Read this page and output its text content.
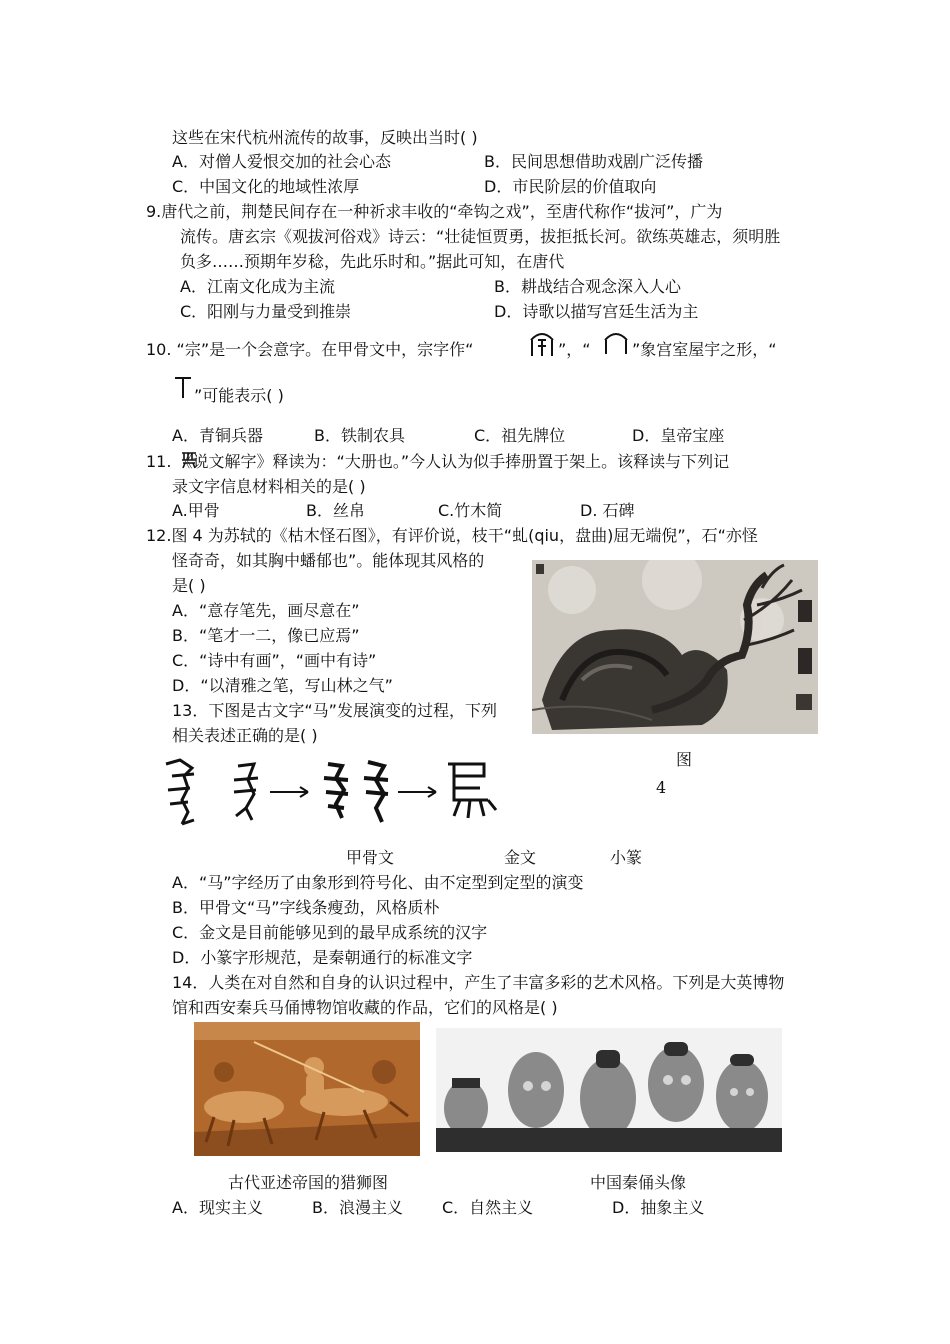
这些在宋代杭州流传的故事，反映出当时( )
A．对僧人爱恨交加的社会心态	B．民间思想借助戏剧广泛传播
C．中国文化的地域性浓厚	D．市民阶层的价值取向
9.唐代之前，荆楚民间存在一种祈求丰收的“牵钩之戏”，至唐代称作“拔河”，广为
流传。唐玄宗《观拔河俗戏》诗云：“壮徒恒贾勇，拔拒抵长河。欲练英雄志，须明胜
负多……预期年岁稔，先此乐时和。”据此可知，在唐代
A．江南文化成为主流	B．耕战结合观念深入人心
C．阳刚与力量受到推崇	D．诗歌以描写宫廷生活为主
10. “宗”是一个会意字。在甲骨文中，宗字作“	”，“	”象宫室屋宇之形，“
”可能表示( )
A．青铜兵器	B．铁制农具	C．祖先牌位	D．皇帝宝座
11. 《说文解字》释读为：“大册也。”今人认为似手捧册置于架上。该释读与下列记
录文字信息材料相关的是( )
A.甲骨	B．丝帛	C.竹木简	D. 石碑
12.图 4 为苏轼的《枯木怪石图》，有评价说，枝干“虬(qiu，盘曲)屈无端倪”，石“亦怪
怪奇奇，如其胸中蟠郁也”。能体现其风格的
是( )
A．“意存笔先，画尽意在”
B．“笔才一二，像已应焉”
C．“诗中有画”，“画中有诗”
D．“以清雅之笔，写山林之气”
图
4
13．下图是古文字“马”发展演变的过程，下列
相关表述正确的是( )
甲骨文	金文	小篆
A．“马”字经历了由象形到符号化、由不定型到定型的演变
B．甲骨文“马”字线条瘦劲，风格质朴
C．金文是目前能够见到的最早成系统的汉字
D．小篆字形规范，是秦朝通行的标准文字
14．人类在对自然和自身的认识过程中，产生了丰富多彩的艺术风格。下列是大英博物
馆和西安秦兵马俑博物馆收藏的作品，它们的风格是( )
古代亚述帝国的猎狮图	中国秦俑头像
A．现实主义	B．浪漫主义 C．自然主义	D．抽象主义
